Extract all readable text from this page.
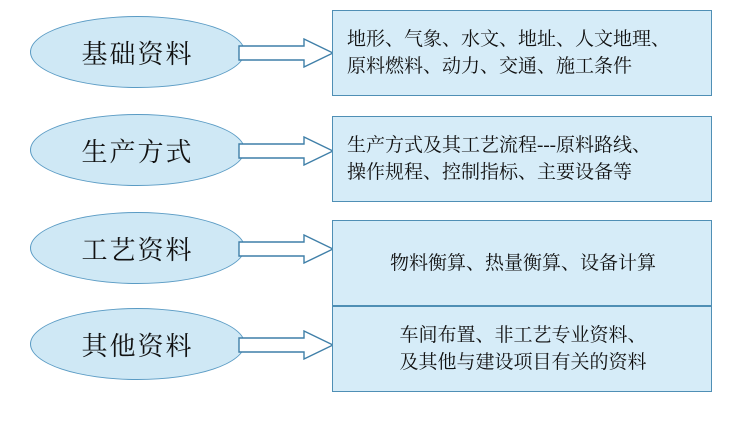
基础资料	地形、气象、水文、地址、人文地理、
原料燃料、动力、交通、施工条件
生产方式	生产方式及其工艺流程---原料路线、
操作规程、控制指标、主要设备等
工艺资料	物料衡算、热量衡算、设备计算
其他资料	车间布置、非工艺专业资料、
及其他与建设项目有关的资料
